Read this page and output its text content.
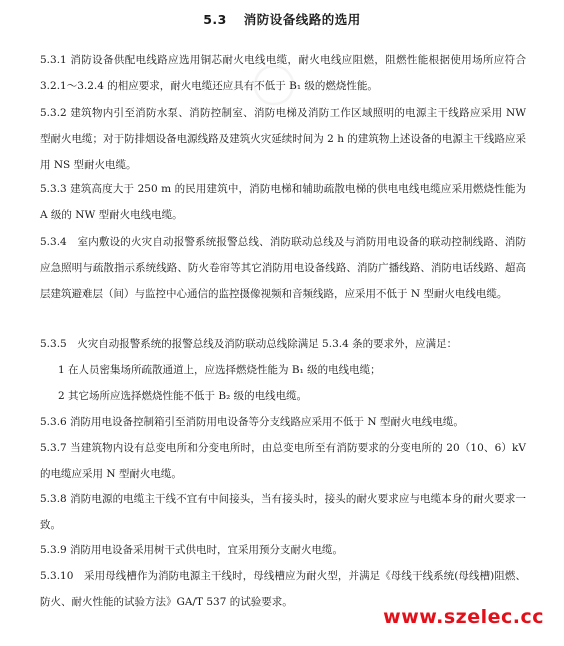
◯
5.3 消防设备线路的选用

5.3.1 消防设备供配电线路应选用铜芯耐火电线电缆，耐火电线应阻燃，阻燃性能根据使用场所应符合 3.2.1～3.2.4 的相应要求，耐火电缆还应具有不低于 B₁ 级的燃烧性能。

5.3.2 建筑物内引至消防水泵、消防控制室、消防电梯及消防工作区域照明的电源主干线路应采用 NW 型耐火电缆；对于防排烟设备电源线路及建筑火灾延续时间为 2 h 的建筑物上述设备的电源主干线路应采用 NS 型耐火电缆。

5.3.3 建筑高度大于 250 m 的民用建筑中，消防电梯和辅助疏散电梯的供电电线电缆应采用燃烧性能为 A 级的 NW 型耐火电线电缆。

5.3.4　室内敷设的火灾自动报警系统报警总线、消防联动总线及与消防用电设备的联动控制线路、消防应急照明与疏散指示系统线路、防火卷帘等其它消防用电设备线路、消防广播线路、消防电话线路、超高层建筑避难层（间）与监控中心通信的监控摄像视频和音频线路，应采用不低于 N 型耐火电线电缆。

5.3.5　火灾自动报警系统的报警总线及消防联动总线除满足 5.3.4 条的要求外，应满足：

1 在人员密集场所疏散通道上，应选择燃烧性能为 B₁ 级的电线电缆；

2 其它场所应选择燃烧性能不低于 B₂ 级的电线电缆。

5.3.6 消防用电设备控制箱引至消防用电设备等分支线路应采用不低于 N 型耐火电线电缆。

5.3.7 当建筑物内设有总变电所和分变电所时，由总变电所至有消防要求的分变电所的 20（10、6）kV 的电缆应采用 N 型耐火电缆。

5.3.8 消防电源的电缆主干线不宜有中间接头，当有接头时，接头的耐火要求应与电缆本身的耐火要求一致。

5.3.9 消防用电设备采用树干式供电时，宜采用预分支耐火电缆。

5.3.10　采用母线槽作为消防电源主干线时，母线槽应为耐火型，并满足《母线干线系统(母线槽)阻燃、防火、耐火性能的试验方法》GA/T 537 的试验要求。

www.szelec.cc
